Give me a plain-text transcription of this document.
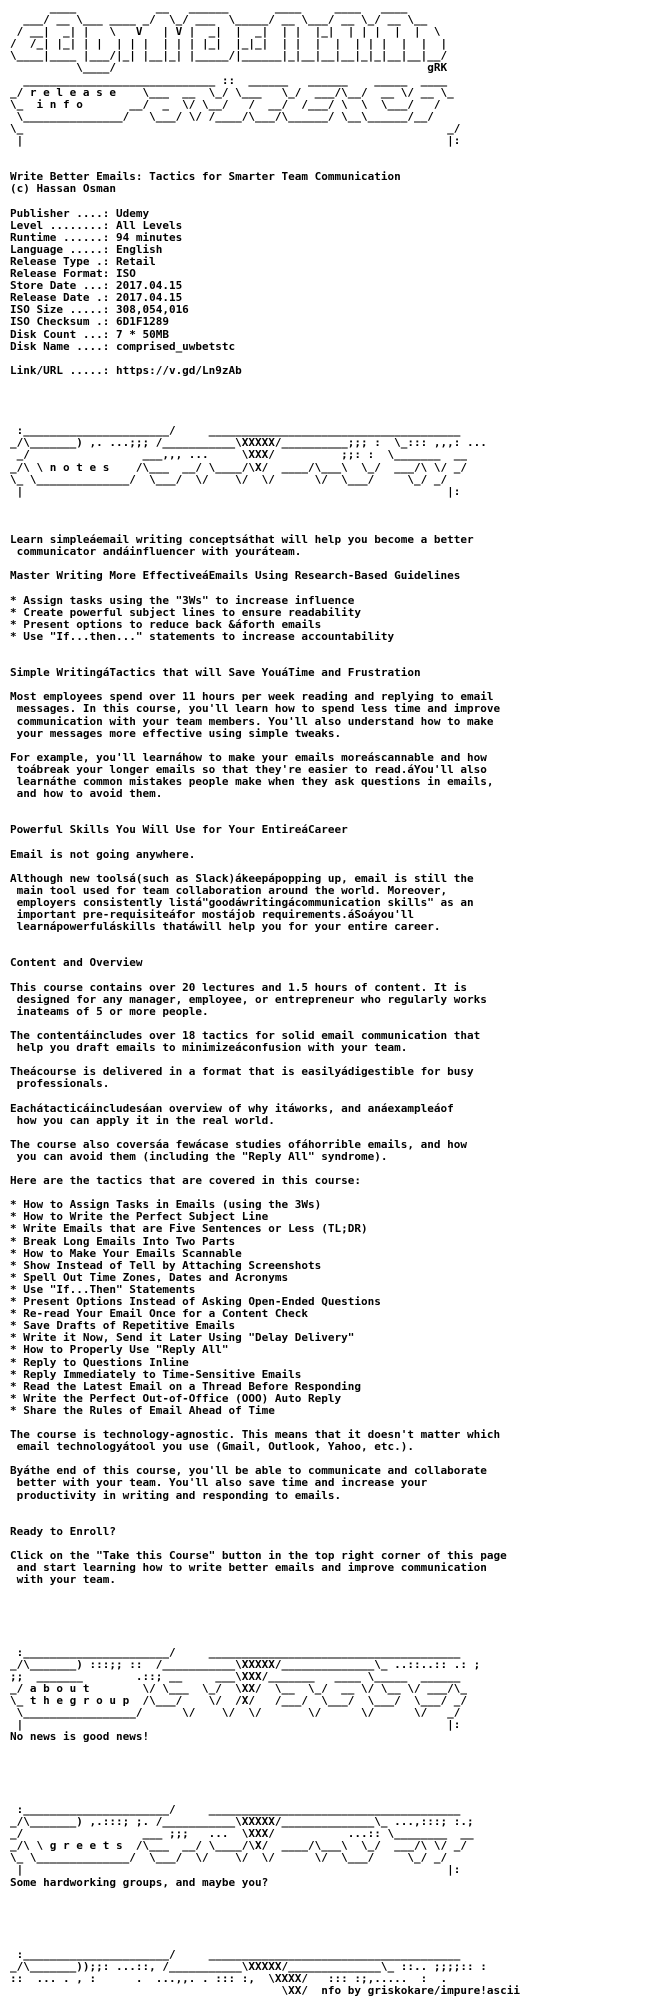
____            __   ______       ____     ____   ____
___/ __ \___ ____ _/  \_/ ___  \_____/ __ \___/ __ \_/ __ \__
/ __|  _| |   \   V   | V |  _|  |  _|  | |  |_|  | | |  |  |  \
/  /_| |_| | |  | | |  | | | |_|  |_|_|  | |  |  |  | | |  |  |  |
\____|____ |___/|_| |__|_| |_____/|______|_|__|__|__|_|_|__|__|__/
\____/                                               gRK
_____________________________ ::  ______   ______    _____  ____
_/ r e l e a s e    \___  __  \_/ \___   \_/  ___/\__/  __ \/ __ \_
\_  i n f o       __/  _  \/ \__/   /  __/  /___/ \  \  \___/   /
\_______________/   \___/ \/ /____/\___/\______/ \__\______/__/
\_                                                                _/
|                                                                |:

Write Better Emails: Tactics for Smarter Team Communication
(c) Hassan Osman

Publisher ....: Udemy
Level ........: All Levels
Runtime ......: 94 minutes
Language .....: English
Release Type .: Retail
Release Format: ISO
Store Date ...: 2017.04.15
Release Date .: 2017.04.15
ISO Size .....: 308,054,016
ISO Checksum .: 6D1F1289
Disk Count ...: 7 * 50MB
Disk Name ....: comprised_uwbetstc

Link/URL .....: https://v.gd/Ln9zAb

:______________________/     ______________________________________
_/\_______) ,. ...;;; /___________\XXXXX/__________;;; :  \_::: ,,,: ...
_/                 ___,,, ...     \XXX/          ;;: :  \_______  __
_/\ \ n o t e s    /\___  __/ \____/\X/  ____/\___\  \_/  ___/\ \/ _/
\_ \______________/  \___/  \/    \/  \/      \/  \___/     \_/ _/
|                                                                |:

Learn simpleáemail writing conceptsáthat will help you become a better
communicator andáinfluencer with youráteam.

Master Writing More EffectiveáEmails Using Research-Based Guidelines

* Assign tasks using the "3Ws" to increase influence
* Create powerful subject lines to ensure readability
* Present options to reduce back &áforth emails
* Use "If...then..." statements to increase accountability

Simple WritingáTactics that will Save YouáTime and Frustration

Most employees spend over 11 hours per week reading and replying to email
messages. In this course, you'll learn how to spend less time and improve
communication with your team members. You'll also understand how to make
your messages more effective using simple tweaks.

For example, you'll learnáhow to make your emails moreáscannable and how
toábreak your longer emails so that they're easier to read.áYou'll also
learnáthe common mistakes people make when they ask questions in emails,
and how to avoid them.

Powerful Skills You Will Use for Your EntireáCareer

Email is not going anywhere.

Although new toolsá(such as Slack)ákeepápopping up, email is still the
main tool used for team collaboration around the world. Moreover,
employers consistently listá"goodáwritingácommunication skills" as an
important pre-requisiteáfor mostájob requirements.áSoáyou'll
learnápowerfuláskills thatáwill help you for your entire career.

Content and Overview

This course contains over 20 lectures and 1.5 hours of content. It is
designed for any manager, employee, or entrepreneur who regularly works
inateams of 5 or more people.

The contentáincludes over 18 tactics for solid email communication that
help you draft emails to minimizeáconfusion with your team.

Theácourse is delivered in a format that is easilyádigestible for busy
professionals.

Eachátacticáincludesáan overview of why itáworks, and anáexampleáof
how you can apply it in the real world.

The course also coversáa fewácase studies ofáhorrible emails, and how
you can avoid them (including the "Reply All" syndrome).

Here are the tactics that are covered in this course:

* How to Assign Tasks in Emails (using the 3Ws)
* How to Write the Perfect Subject Line
* Write Emails that are Five Sentences or Less (TL;DR)
* Break Long Emails Into Two Parts
* How to Make Your Emails Scannable
* Show Instead of Tell by Attaching Screenshots
* Spell Out Time Zones, Dates and Acronyms
* Use "If...Then" Statements
* Present Options Instead of Asking Open-Ended Questions
* Re-read Your Email Once for a Content Check
* Save Drafts of Repetitive Emails
* Write it Now, Send it Later Using "Delay Delivery"
* How to Properly Use "Reply All"
* Reply to Questions Inline
* Reply Immediately to Time-Sensitive Emails
* Read the Latest Email on a Thread Before Responding
* Write the Perfect Out-of-Office (OOO) Auto Reply
* Share the Rules of Email Ahead of Time

The course is technology-agnostic. This means that it doesn't matter which
email technologyátool you use (Gmail, Outlook, Yahoo, etc.).

Byáthe end of this course, you'll be able to communicate and collaborate
better with your team. You'll also save time and increase your
productivity in writing and responding to emails.

Ready to Enroll?

Click on the "Take this Course" button in the top right corner of this page
and start learning how to write better emails and improve communication
with your team.

:______________________/     ______________________________________
_/\_______) :::;; ::  /___________\XXXXX/______________\_ ..::..:: .: ;
;;  _______        .::; __     ___\XXX/_______   ____ \_____  ______
_/ a b o u t        \/ \___  \_/  \XX/  \__  \_/  __ \/ \__ \/ ___/\_
\_ t h e g r o u p  /\___/    \/  /X/   /___/  \___/  \___/  \___/ _/
\_________________/      \/    \/  \/       \/      \/      \/   _/
|                                                                |:
No news is good news!

:______________________/     ______________________________________
_/\_______) ,.:::; ;. /___________\XXXXX/______________\_ ...,:::; :.;
_/                  ___ ;;;   ...  \XXX/           ...:: \________  __
_/\ \ g r e e t s  /\___  __/ \____/\X/  ____/\___\  \_/  ___/\ \/ _/
\_ \______________/  \___/  \/    \/  \/      \/  \___/     \_/ _/
|                                                                |:
Some hardworking groups, and maybe you?

:______________________/     ______________________________________
_/\_______));;: ...::, /___________\XXXXX/______________\_ ::.. ;;;;:: :
::  ... . , :      .  ...,,. . ::: :,  \XXXX/   ::: :;,.....  :  .
\XX/  nfo by griskokare/impure!ascii
